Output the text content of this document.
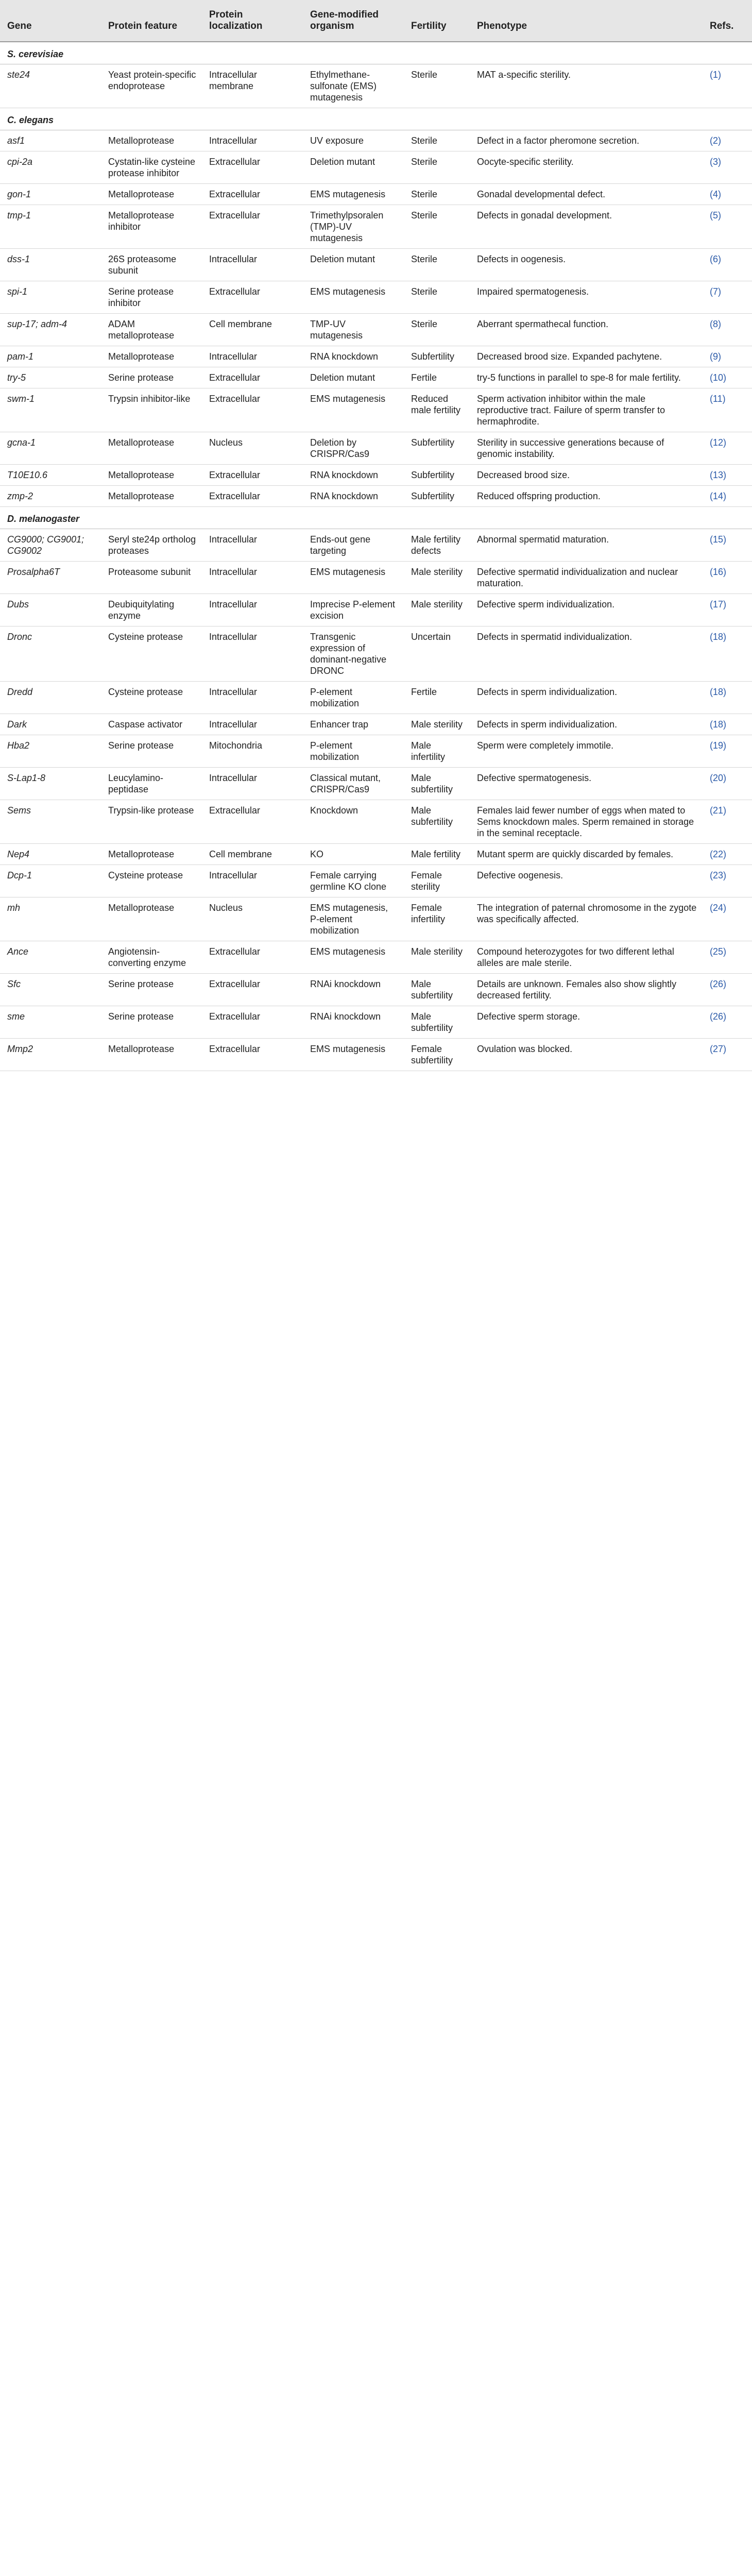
Gene	Protein feature	Protein localization	Gene-modified organism	Fertility	Phenotype	Refs.
S. cerevisiae						
ste24	Yeast protein-specific endoprotease	Intracellular membrane	Ethylmethane-sulfonate (EMS) mutagenesis	Sterile	MAT a-specific sterility.	(1)
C. elegans						
asf1	Metalloprotease	Intracellular	UV exposure	Sterile	Defect in a factor pheromone secretion.	(2)
cpi-2a	Cystatin-like cysteine protease inhibitor	Extracellular	Deletion mutant	Sterile	Oocyte-specific sterility.	(3)
gon-1	Metalloprotease	Extracellular	EMS mutagenesis	Sterile	Gonadal developmental defect.	(4)
tmp-1	Metalloprotease inhibitor	Extracellular	Trimethylpsoralen (TMP)-UV mutagenesis	Sterile	Defects in gonadal development.	(5)
dss-1	26S proteasome subunit	Intracellular	Deletion mutant	Sterile	Defects in oogenesis.	(6)
spi-1	Serine protease inhibitor	Extracellular	EMS mutagenesis	Sterile	Impaired spermatogenesis.	(7)
sup-17; adm-4	ADAM metalloprotease	Cell membrane	TMP-UV mutagenesis	Sterile	Aberrant spermathecal function.	(8)
pam-1	Metalloprotease	Intracellular	RNA knockdown	Subfertility	Decreased brood size. Expanded pachytene.	(9)
try-5	Serine protease	Extracellular	Deletion mutant	Fertile	try-5 functions in parallel to spe-8 for male fertility.	(10)
swm-1	Trypsin inhibitor-like	Extracellular	EMS mutagenesis	Reduced male fertility	Sperm activation inhibitor within the male reproductive tract. Failure of sperm transfer to hermaphrodite.	(11)
gcna-1	Metalloprotease	Nucleus	Deletion by CRISPR/Cas9	Subfertility	Sterility in successive generations because of genomic instability.	(12)
T10E10.6	Metalloprotease	Extracellular	RNA knockdown	Subfertility	Decreased brood size.	(13)
zmp-2	Metalloprotease	Extracellular	RNA knockdown	Subfertility	Reduced offspring production.	(14)
D. melanogaster						
CG9000; CG9001; CG9002	Seryl ste24p ortholog proteases	Intracellular	Ends-out gene targeting	Male fertility defects	Abnormal spermatid maturation.	(15)
Prosalpha6T	Proteasome subunit	Intracellular	EMS mutagenesis	Male sterility	Defective spermatid individualization and nuclear maturation.	(16)
Dubs	Deubiquitylating enzyme	Intracellular	Imprecise P-element excision	Male sterility	Defective sperm individualization.	(17)
Dronc	Cysteine protease	Intracellular	Transgenic expression of dominant-negative DRONC	Uncertain	Defects in spermatid individualization.	(18)
Dredd	Cysteine protease	Intracellular	P-element mobilization	Fertile	Defects in sperm individualization.	(18)
Dark	Caspase activator	Intracellular	Enhancer trap	Male sterility	Defects in sperm individualization.	(18)
Hba2	Serine protease	Mitochondria	P-element mobilization	Male infertility	Sperm were completely immotile.	(19)
S-Lap1-8	Leucylamino-peptidase	Intracellular	Classical mutant, CRISPR/Cas9	Male subfertility	Defective spermatogenesis.	(20)
Sems	Trypsin-like protease	Extracellular	Knockdown	Male subfertility	Females laid fewer number of eggs when mated to Sems knockdown males. Sperm remained in storage in the seminal receptacle.	(21)
Nep4	Metalloprotease	Cell membrane	KO	Male fertility	Mutant sperm are quickly discarded by females.	(22)
Dcp-1	Cysteine protease	Intracellular	Female carrying germline KO clone	Female sterility	Defective oogenesis.	(23)
mh	Metalloprotease	Nucleus	EMS mutagenesis, P-element mobilization	Female infertility	The integration of paternal chromosome in the zygote was specifically affected.	(24)
Ance	Angiotensin-converting enzyme	Extracellular	EMS mutagenesis	Male sterility	Compound heterozygotes for two different lethal alleles are male sterile.	(25)
Sfc	Serine protease	Extracellular	RNAi knockdown	Male subfertility	Details are unknown. Females also show slightly decreased fertility.	(26)
sme	Serine protease	Extracellular	RNAi knockdown	Male subfertility	Defective sperm storage.	(26)
Mmp2	Metalloprotease	Extracellular	EMS mutagenesis	Female subfertility	Ovulation was blocked.	(27)
